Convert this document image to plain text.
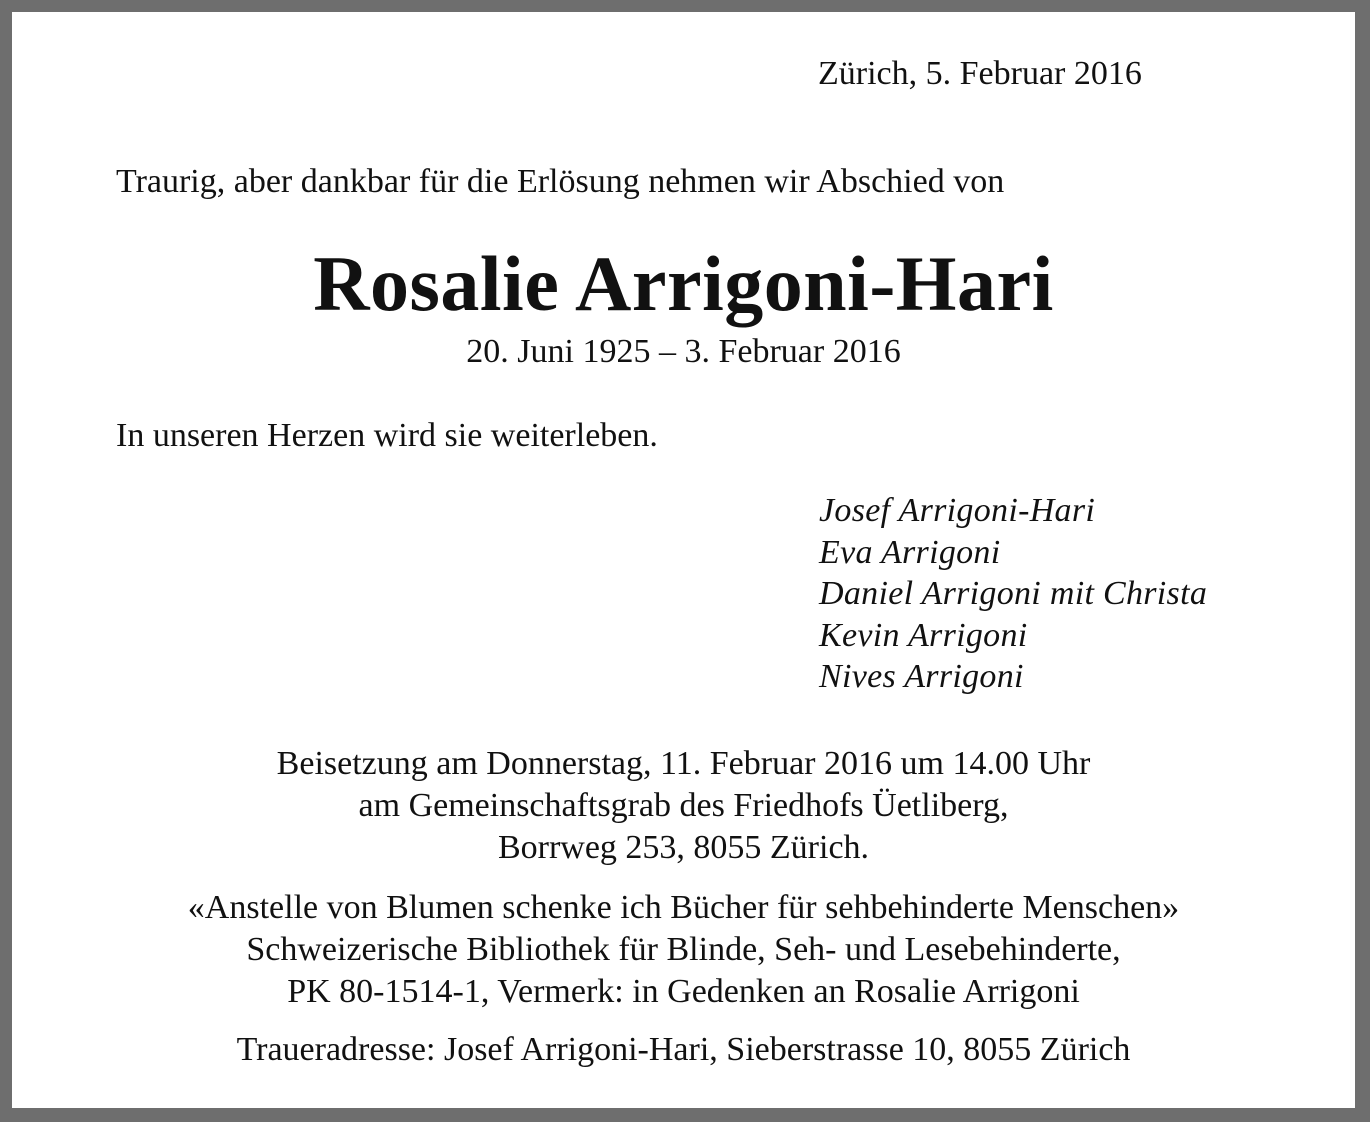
Zürich, 5. Februar 2016

Traurig, aber dankbar für die Erlösung nehmen wir Abschied von

Rosalie Arrigoni-Hari

20. Juni 1925 – 3. Februar 2016

In unseren Herzen wird sie weiterleben.

Josef Arrigoni-Hari
Eva Arrigoni
Daniel Arrigoni mit Christa
Kevin Arrigoni
Nives Arrigoni

Beisetzung am Donnerstag, 11. Februar 2016 um 14.00 Uhr

am Gemeinschaftsgrab des Friedhofs Üetliberg,

Borrweg 253, 8055 Zürich.

«Anstelle von Blumen schenke ich Bücher für sehbehinderte Menschen»

Schweizerische Bibliothek für Blinde, Seh- und Lesebehinderte,

PK 80-1514-1, Vermerk: in Gedenken an Rosalie Arrigoni

Traueradresse: Josef Arrigoni-Hari, Sieberstrasse 10, 8055 Zürich
